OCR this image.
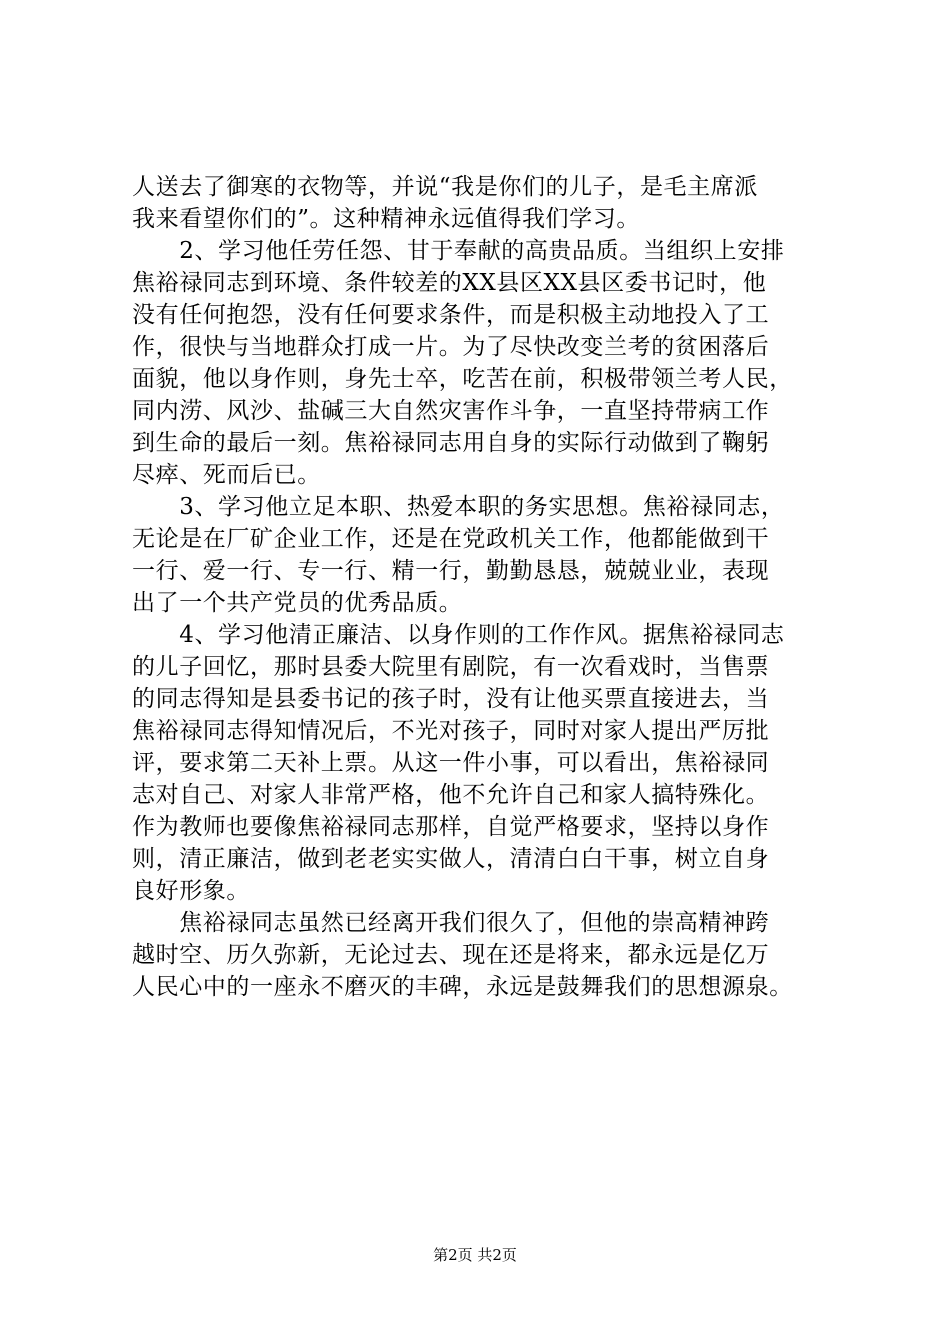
人送去了御寒的衣物等，并说“我是你们的儿子，是毛主席派
我来看望你们的”。这种精神永远值得我们学习。
　　2、学习他任劳任怨、甘于奉献的高贵品质。当组织上安排
焦裕禄同志到环境、条件较差的XX县区XX县区委书记时，他
没有任何抱怨，没有任何要求条件，而是积极主动地投入了工
作，很快与当地群众打成一片。为了尽快改变兰考的贫困落后
面貌，他以身作则，身先士卒，吃苦在前，积极带领兰考人民，
同内涝、风沙、盐碱三大自然灾害作斗争，一直坚持带病工作
到生命的最后一刻。焦裕禄同志用自身的实际行动做到了鞠躬
尽瘁、死而后已。
　　3、学习他立足本职、热爱本职的务实思想。焦裕禄同志，
无论是在厂矿企业工作，还是在党政机关工作，他都能做到干
一行、爱一行、专一行、精一行，勤勤恳恳，兢兢业业，表现
出了一个共产党员的优秀品质。
　　4、学习他清正廉洁、以身作则的工作作风。据焦裕禄同志
的儿子回忆，那时县委大院里有剧院，有一次看戏时，当售票
的同志得知是县委书记的孩子时，没有让他买票直接进去，当
焦裕禄同志得知情况后，不光对孩子，同时对家人提出严厉批
评，要求第二天补上票。从这一件小事，可以看出，焦裕禄同
志对自己、对家人非常严格，他不允许自己和家人搞特殊化。
作为教师也要像焦裕禄同志那样，自觉严格要求，坚持以身作
则，清正廉洁，做到老老实实做人，清清白白干事，树立自身
良好形象。
　　焦裕禄同志虽然已经离开我们很久了，但他的崇高精神跨
越时空、历久弥新，无论过去、现在还是将来，都永远是亿万
人民心中的一座永不磨灭的丰碑，永远是鼓舞我们的思想源泉。
第2页 共2页
